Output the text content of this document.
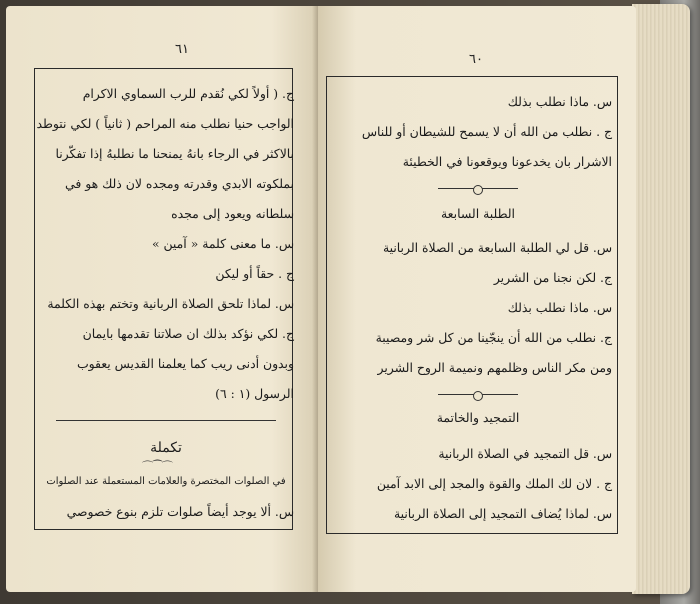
٦١
ج. ( أولاً لكي نُقدم للرب السماوي الاكرام
الواجب حنيا نطلب منه المراحم ( ثانياً ) لكي نتوطد
بالاكثر في الرجاء بانهُ يمنحنا ما نطلبهُ إذا تفكّرنا
بملكوته الابدي وقدرته ومجده لان ذلك هو في
سلطانه ويعود إلى مجده
س. ما معنى كلمة « آمين »
ج . حقاً أو ليكن
س. لماذا تلحق الصلاة الربانية وتختم بهذه الكلمة
ج. لكي نؤكد بذلك ان صلاتنا تقدمها بايمان
وبدون أدنى ريب كما يعلمنا القديس يعقوب
الرسول (١ : ٦)
تكملة
⌒⁀⌒
في الصلوات المختصرة والعلامات المستعملة عند الصلوات
س. ألا يوجد أيضاً صلوات تلزم بنوع خصوصي
٦٠
س. ماذا نطلب بذلك
ج . نطلب من الله أن لا يسمح للشيطان أو للناس
الاشرار بان يخدعونا ويوقعونا في الخطيئة
الطلبة السابعة
س. قل لي الطلبة السابعة من الصلاة الربانية
ج. لكن نجنا من الشرير
س. ماذا نطلب بذلك
ج. نطلب من الله أن ينجّينا من كل شر ومصيبة
ومن مكر الناس وظلمهم ونميمة الروح الشرير
التمجيد والخاتمة
س. قل التمجيد في الصلاة الربانية
ج . لان لك الملك والقوة والمجد إلى الابد آمين
س. لماذا يُضاف التمجيد إلى الصلاة الربانية
